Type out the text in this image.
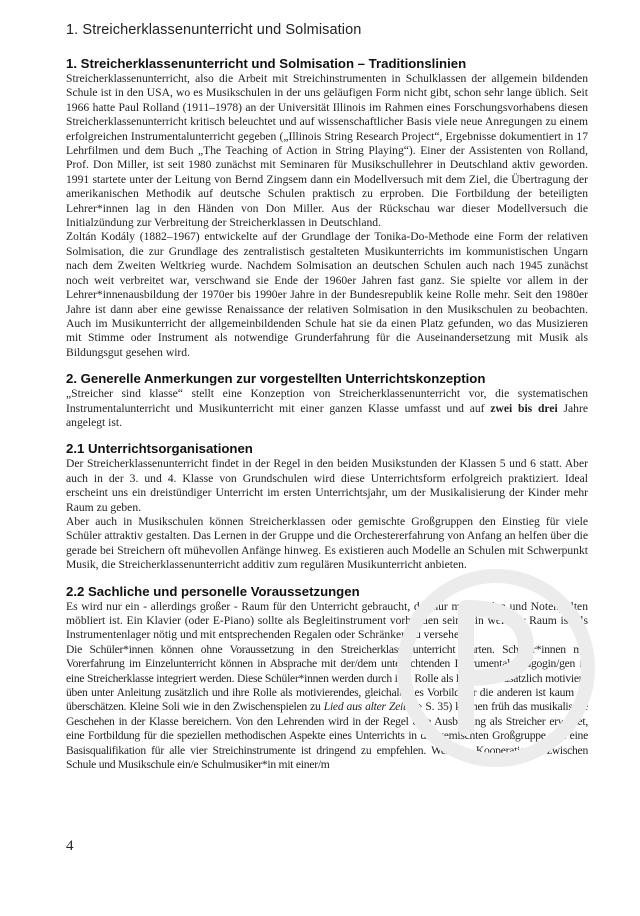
1. Streicherklassenunterricht und Solmisation
1. Streicherklassenunterricht und Solmisation – Traditionslinien

Streicherklassenunterricht, also die Arbeit mit Streichinstrumenten in Schulklassen der allgemein bildenden Schule ist in den USA, wo es Musikschulen in der uns geläufigen Form nicht gibt, schon sehr lange üblich. Seit 1966 hatte Paul Rolland (1911–1978) an der Universität Illinois im Rahmen eines Forschungsvorhabens diesen Streicherklassenunterricht kritisch beleuchtet und auf wissenschaftlicher Basis viele neue Anregungen zu einem erfolgreichen Instrumentalunterricht gegeben („Illinois String Research Project“, Ergebnisse dokumentiert in 17 Lehrfilmen und dem Buch „The Teaching of Action in String Playing“). Einer der Assistenten von Rolland, Prof. Don Miller, ist seit 1980 zunächst mit Seminaren für Musikschullehrer in Deutschland aktiv geworden. 1991 startete unter der Leitung von Bernd Zingsem dann ein Modellversuch mit dem Ziel, die Übertragung der amerikanischen Methodik auf deutsche Schulen praktisch zu erproben. Die Fortbildung der beteiligten Lehrer*innen lag in den Händen von Don Miller. Aus der Rückschau war dieser Modellversuch die Initialzündung zur Verbreitung der Streicherklassen in Deutschland.

Zoltán Kodály (1882–1967) entwickelte auf der Grundlage der Tonika-Do-Methode eine Form der relativen Solmisation, die zur Grundlage des zentralistisch gestalteten Musikunterrichts im kommunistischen Ungarn nach dem Zweiten Weltkrieg wurde. Nachdem Solmisation an deutschen Schulen auch nach 1945 zunächst noch weit verbreitet war, verschwand sie Ende der 1960er Jahren fast ganz. Sie spielte vor allem in der Lehrer*innenausbildung der 1970er bis 1990er Jahre in der Bundesrepublik keine Rolle mehr. Seit den 1980er Jahre ist dann aber eine gewisse Renaissance der relativen Solmisation in den Musikschulen zu beobachten. Auch im Musikunterricht der allgemeinbildenden Schule hat sie da einen Platz gefunden, wo das Musizieren mit Stimme oder Instrument als notwendige Grunderfahrung für die Auseinandersetzung mit Musik als Bildungsgut gesehen wird.

2. Generelle Anmerkungen zur vorgestellten Unterrichtskonzeption

„Streicher sind klasse“ stellt eine Konzeption von Streicherklassenunterricht vor, die systematischen Instrumentalunterricht und Musikunterricht mit einer ganzen Klasse umfasst und auf zwei bis drei Jahre angelegt ist.

2.1 Unterrichtsorganisationen

Der Streicherklassenunterricht findet in der Regel in den beiden Musikstunden der Klassen 5 und 6 statt. Aber auch in der 3. und 4. Klasse von Grundschulen wird diese Unterrichtsform erfolgreich praktiziert. Ideal erscheint uns ein dreistündiger Unterricht im ersten Unterrichtsjahr, um der Musikalisierung der Kinder mehr Raum zu geben.

Aber auch in Musikschulen können Streicherklassen oder gemischte Großgruppen den Einstieg für viele Schüler attraktiv gestalten. Das Lernen in der Gruppe und die Orchestererfahrung von Anfang an helfen über die gerade bei Streichern oft mühevollen Anfänge hinweg. Es existieren auch Modelle an Schulen mit Schwerpunkt Musik, die Streicherklassenunterricht additiv zum regulären Musikunterricht anbieten.

2.2 Sachliche und personelle Voraussetzungen

Es wird nur ein - allerdings großer - Raum für den Unterricht gebraucht, der nur mit Stühlen und Notenpulten möbliert ist. Ein Klavier (oder E-Piano) sollte als Begleitinstrument vorhanden sein. Ein weiterer Raum ist als Instrumentenlager nötig und mit entsprechenden Regalen oder Schränken zu versehen.

Die Schüler*innen können ohne Voraussetzung in den Streicherklassenunterricht starten. Schüler*innen mit Vorerfahrung im Einzelunterricht können in Absprache mit der/dem unterrichtenden Instrumentalpädagogin/gen in eine Streicherklasse integriert werden. Diese Schüler*innen werden durch ihre Rolle als Experten zusätzlich motiviert, üben unter Anleitung zusätzlich und ihre Rolle als motivierendes, gleichaltriges Vorbild für die anderen ist kaum zu überschätzen. Kleine Soli wie in den Zwischenspielen zu Lied aus alter Zeit (⇨ S. 35) können früh das musikalische Geschehen in der Klasse bereichern. Von den Lehrenden wird in der Regel eine Ausbildung als Streicher erwartet, eine Fortbildung für die speziellen methodischen Aspekte eines Unterrichts in der gemischten Großgruppe und eine Basisqualifikation für alle vier Streichinstrumente ist dringend zu empfehlen. Wenn in Kooperationen zwischen Schule und Musikschule ein/e Schulmusiker*in mit einer/m

4
